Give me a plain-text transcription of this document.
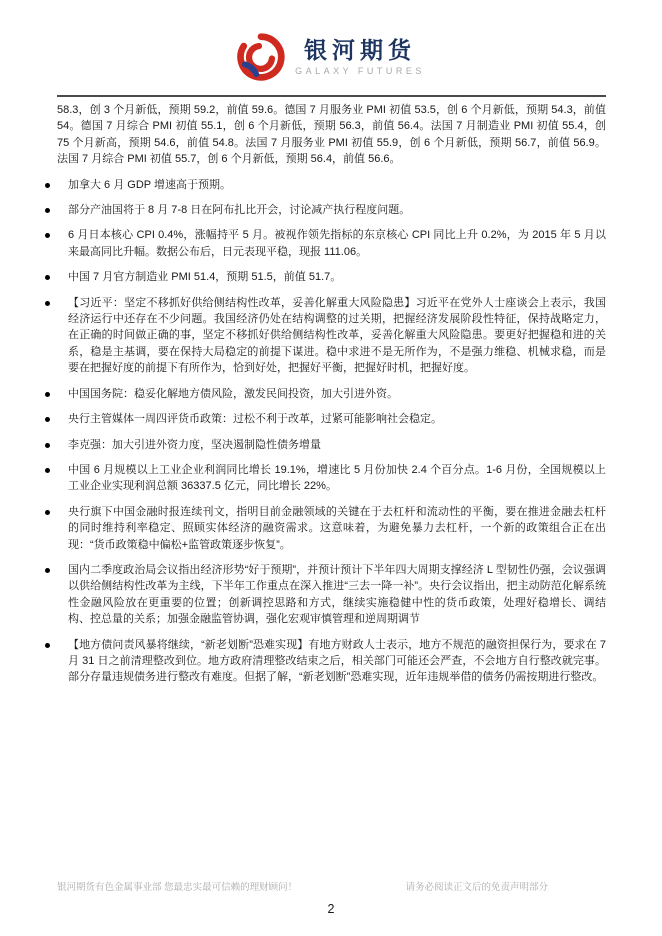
银河期货
GALAXY FUTURES

58.3，创 3 个月新低，预期 59.2，前值 59.6。德国 7 月服务业 PMI 初值 53.5，创 6 个月新低，预期 54.3，前值 54。德国 7 月综合 PMI 初值 55.1，创 6 个月新低，预期 56.3，前值 56.4。法国 7 月制造业 PMI 初值 55.4，创 75 个月新高，预期 54.6，前值 54.8。法国 7 月服务业 PMI 初值 55.9，创 6 个月新低，预期 56.7，前值 56.9。法国 7 月综合 PMI 初值 55.7，创 6 个月新低，预期 56.4，前值 56.6。

加拿大 6 月 GDP 增速高于预期。
部分产油国将于 8 月 7-8 日在阿布扎比开会，讨论减产执行程度问题。
6 月日本核心 CPI 0.4%，涨幅持平 5 月。被视作领先指标的东京核心 CPI 同比上升 0.2%，为 2015 年 5 月以来最高同比升幅。数据公布后，日元表现平稳，现报 111.06。
中国 7 月官方制造业 PMI 51.4，预期 51.5，前值 51.7。
【习近平：坚定不移抓好供给侧结构性改革，妥善化解重大风险隐患】习近平在党外人士座谈会上表示，我国经济运行中还存在不少问题。我国经济仍处在结构调整的过关期，把握经济发展阶段性特征，保持战略定力，在正确的时间做正确的事，坚定不移抓好供给侧结构性改革，妥善化解重大风险隐患。要更好把握稳和进的关系，稳是主基调，要在保持大局稳定的前提下谋进。稳中求进不是无所作为，不是强力维稳、机械求稳，而是要在把握好度的前提下有所作为，恰到好处，把握好平衡，把握好时机，把握好度。
中国国务院：稳妥化解地方债风险，激发民间投资，加大引进外资。
央行主管媒体一周四评货币政策：过松不利于改革，过紧可能影响社会稳定。
李克强：加大引进外资力度，坚决遏制隐性债务增量
中国 6 月规模以上工业企业利润同比增长 19.1%，增速比 5 月份加快 2.4 个百分点。1-6 月份，全国规模以上工业企业实现利润总额 36337.5 亿元，同比增长 22%。
央行旗下中国金融时报连续刊文，指明目前金融领域的关键在于去杠杆和流动性的平衡，要在推进金融去杠杆的同时维持利率稳定、照顾实体经济的融资需求。这意味着，为避免暴力去杠杆，一个新的政策组合正在出现：“货币政策稳中偏松+监管政策逐步恢复”。
国内二季度政治局会议指出经济形势“好于预期”，并预计预计下半年四大周期支撑经济 L 型韧性仍强，会议强调以供给侧结构性改革为主线，下半年工作重点在深入推进“三去一降一补”。央行会议指出，把主动防范化解系统性金融风险放在更重要的位置；创新调控思路和方式，继续实施稳健中性的货币政策，处理好稳增长、调结构、控总量的关系；加强金融监管协调，强化宏观审慎管理和逆周期调节
【地方债问责风暴将继续，“新老划断”恐难实现】有地方财政人士表示，地方不规范的融资担保行为，要求在 7 月 31 日之前清理整改到位。地方政府清理整改结束之后，相关部门可能还会严查，不会地方自行整改就完事。部分存量违规债务进行整改有难度。但据了解，“新老划断”恐难实现，近年违规举借的债务仍需按期进行整改。
银河期货有色金属事业部 您最忠实最可信赖的理财顾问！	请务必阅读正文后的免责声明部分
2
